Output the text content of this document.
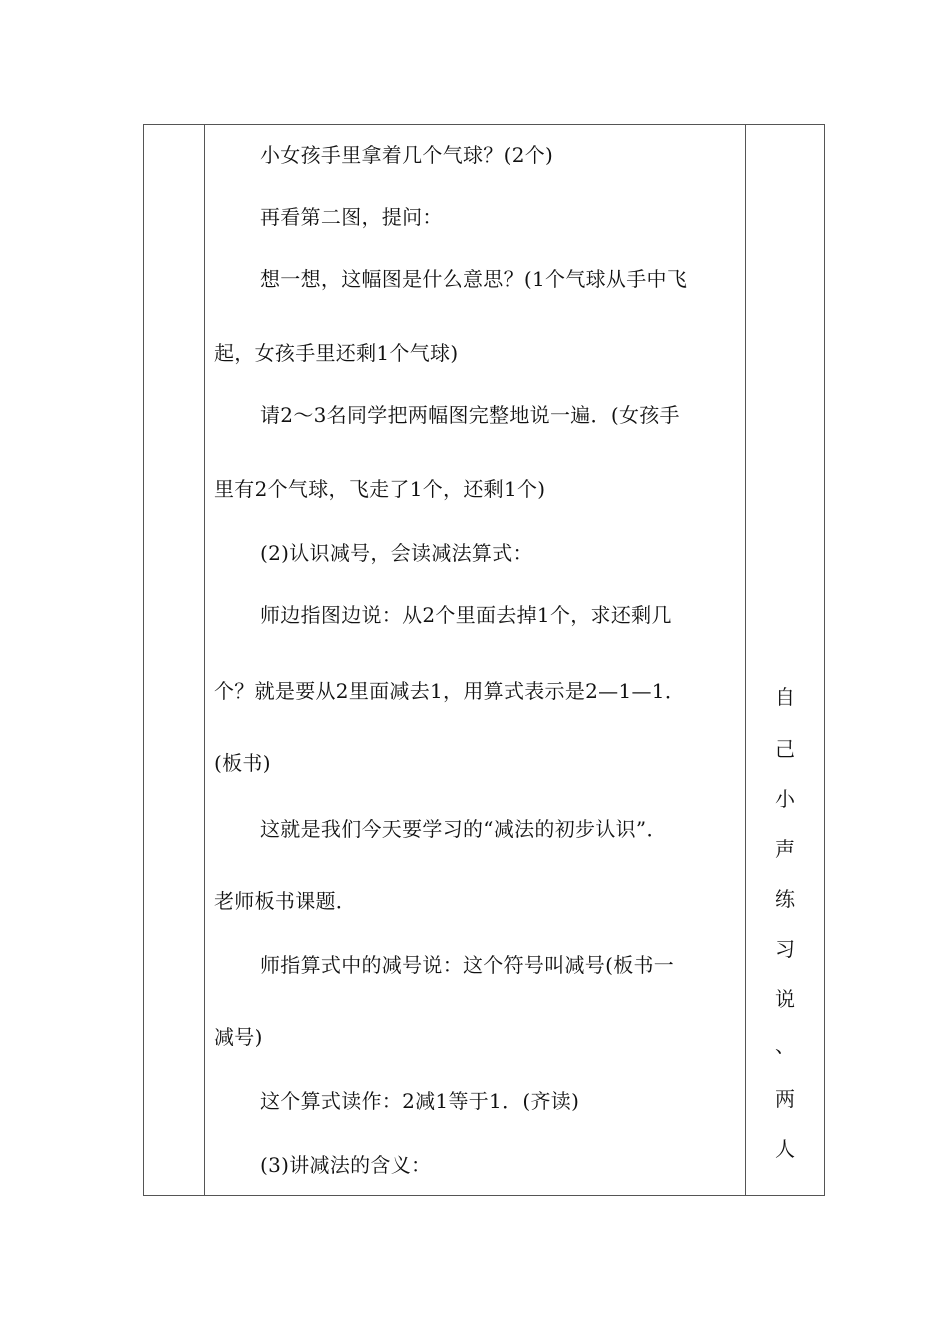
小女孩手里拿着几个气球？(2个)
再看第二图，提问：
想一想，这幅图是什么意思？(1个气球从手中飞
起，女孩手里还剩1个气球)
请2～3名同学把两幅图完整地说一遍．(女孩手
里有2个气球，飞走了1个，还剩1个)
(2)认识减号，会读减法算式：
师边指图边说：从2个里面去掉1个，求还剩几
个？就是要从2里面减去1，用算式表示是2—1—1．
(板书)
这就是我们今天要学习的“减法的初步认识”．
老师板书课题．
师指算式中的减号说：这个符号叫减号(板书一
减号)
这个算式读作：2减1等于1．(齐读)
(3)讲减法的含义：
自
己
小
声
练
习
说
、
两
人
